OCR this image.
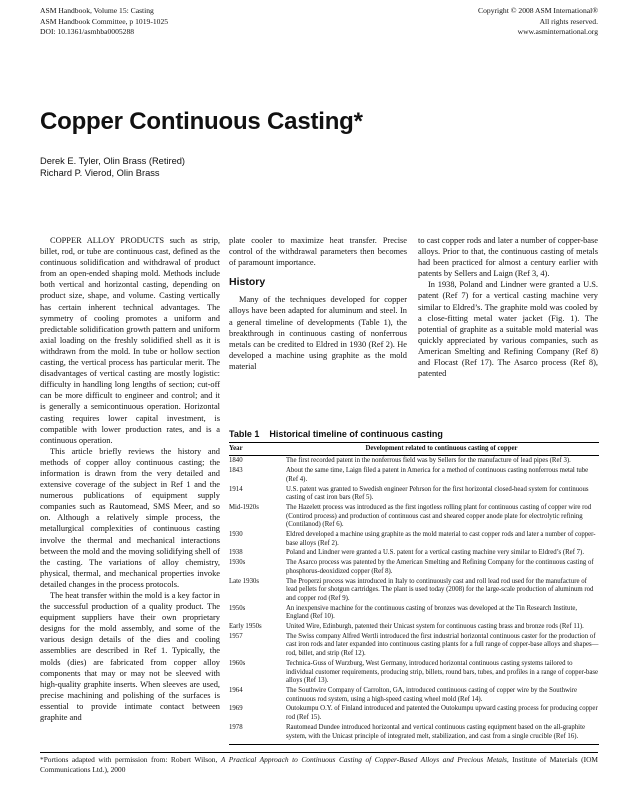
ASM Handbook, Volume 15: Casting
ASM Handbook Committee, p 1019-1025
DOI: 10.1361/asmhba0005288
Copyright © 2008 ASM International®
All rights reserved.
www.asminternational.org
Copper Continuous Casting*
Derek E. Tyler, Olin Brass (Retired)
Richard P. Vierod, Olin Brass

COPPER ALLOY PRODUCTS such as strip, billet, rod, or tube are continuous cast, defined as the continuous solidification and withdrawal of product from an open-ended shaping mold. Methods include both vertical and horizontal casting, depending on product size, shape, and volume. Casting vertically has certain inherent technical advantages. The symmetry of cooling promotes a uniform and predictable solidification growth pattern and uniform axial loading on the freshly solidified shell as it is withdrawn from the mold. In tube or hollow section casting, the vertical process has particular merit. The disadvantages of vertical casting are mostly logistic: difficulty in handling long lengths of section; cut-off can be more difficult to engineer and control; and it is generally a semicontinuous operation. Horizontal casting requires lower capital investment, is compatible with lower production rates, and is a continuous operation.

This article briefly reviews the history and methods of copper alloy continuous casting; the information is drawn from the very detailed and extensive coverage of the subject in Ref 1 and the numerous publications of equipment supply companies such as Rautomead, SMS Meer, and so on. Although a relatively simple process, the metallurgical complexities of continuous casting involve the thermal and mechanical interactions between the mold and the moving solidifying shell of the casting. The variations of alloy chemistry, physical, thermal, and mechanical properties invoke detailed changes in the process protocols.

The heat transfer within the mold is a key factor in the successful production of a quality product. The equipment suppliers have their own proprietary designs for the mold assembly, and some of the various design details of the dies and cooling assemblies are described in Ref 1. Typically, the molds (dies) are fabricated from copper alloy components that may or may not be sleeved with high-quality graphite inserts. When sleeves are used, precise machining and polishing of the surfaces is essential to provide intimate contact between graphite and

plate cooler to maximize heat transfer. Precise control of the withdrawal parameters then becomes of paramount importance.

History

Many of the techniques developed for copper alloys have been adapted for aluminum and steel. In a general timeline of developments (Table 1), the breakthrough in continuous casting of nonferrous metals can be credited to Eldred in 1930 (Ref 2). He developed a machine using graphite as the mold material

to cast copper rods and later a number of copper-base alloys. Prior to that, the continuous casting of metals had been practiced for almost a century earlier with patents by Sellers and Laign (Ref 3, 4).

In 1938, Poland and Lindner were granted a U.S. patent (Ref 7) for a vertical casting machine very similar to Eldred’s. The graphite mold was cooled by a close-fitting metal water jacket (Fig. 1). The potential of graphite as a suitable mold material was quickly appreciated by various companies, such as American Smelting and Refining Company (Ref 8) and Flocast (Ref 17). The Asarco process (Ref 8), patented

Table 1 Historical timeline of continuous casting
Year	Development related to continuous casting of copper
1840	The first recorded patent in the nonferrous field was by Sellers for the manufacture of lead pipes (Ref 3).
1843	About the same time, Laign filed a patent in America for a method of continuous casting nonferrous metal tube (Ref 4).
1914	U.S. patent was granted to Swedish engineer Pehrson for the first horizontal closed-head system for continuous casting of cast iron bars (Ref 5).
Mid-1920s	The Hazelett process was introduced as the first ingotless rolling plant for continuous casting of copper wire rod (Contirod process) and production of continuous cast and sheared copper anode plate for electrolytic refining (Contilanod) (Ref 6).
1930	Eldred developed a machine using graphite as the mold material to cast copper rods and later a number of copper-base alloys (Ref 2).
1938	Poland and Lindner were granted a U.S. patent for a vertical casting machine very similar to Eldred’s (Ref 7).
1930s	The Asarco process was patented by the American Smelting and Refining Company for the continuous casting of phosphorus-deoxidized copper (Ref 8).
Late 1930s	The Properzi process was introduced in Italy to continuously cast and roll lead rod used for the manufacture of lead pellets for shotgun cartridges. The plant is used today (2008) for the large-scale production of aluminum rod and copper rod (Ref 9).
1950s	An inexpensive machine for the continuous casting of bronzes was developed at the Tin Research Institute, England (Ref 10).
Early 1950s	United Wire, Edinburgh, patented their Unicast system for continuous casting brass and bronze rods (Ref 11).
1957	The Swiss company Alfred Wertli introduced the first industrial horizontal continuous caster for the production of cast iron rods and later expanded into continuous casting plants for a full range of copper-base alloys and shapes—rod, billet, and strip (Ref 12).
1960s	Technica-Guss of Wurzburg, West Germany, introduced horizontal continuous casting systems tailored to individual customer requirements, producing strip, billets, round bars, tubes, and profiles in a range of copper-base alloys (Ref 13).
1964	The Southwire Company of Carrolton, GA, introduced continuous casting of copper wire by the Southwire continuous rod system, using a high-speed casting wheel mold (Ref 14).
1969	Outokumpu O.Y. of Finland introduced and patented the Outokumpu upward casting process for producing copper rod (Ref 15).
1978	Rautomead Dundee introduced horizontal and vertical continuous casting equipment based on the all-graphite system, with the Unicast principle of integrated melt, stabilization, and cast from a single crucible (Ref 16).
*Portions adapted with permission from: Robert Wilson, A Practical Approach to Continuous Casting of Copper-Based Alloys and Precious Metals, Institute of Materials (IOM Communications Ltd.), 2000
